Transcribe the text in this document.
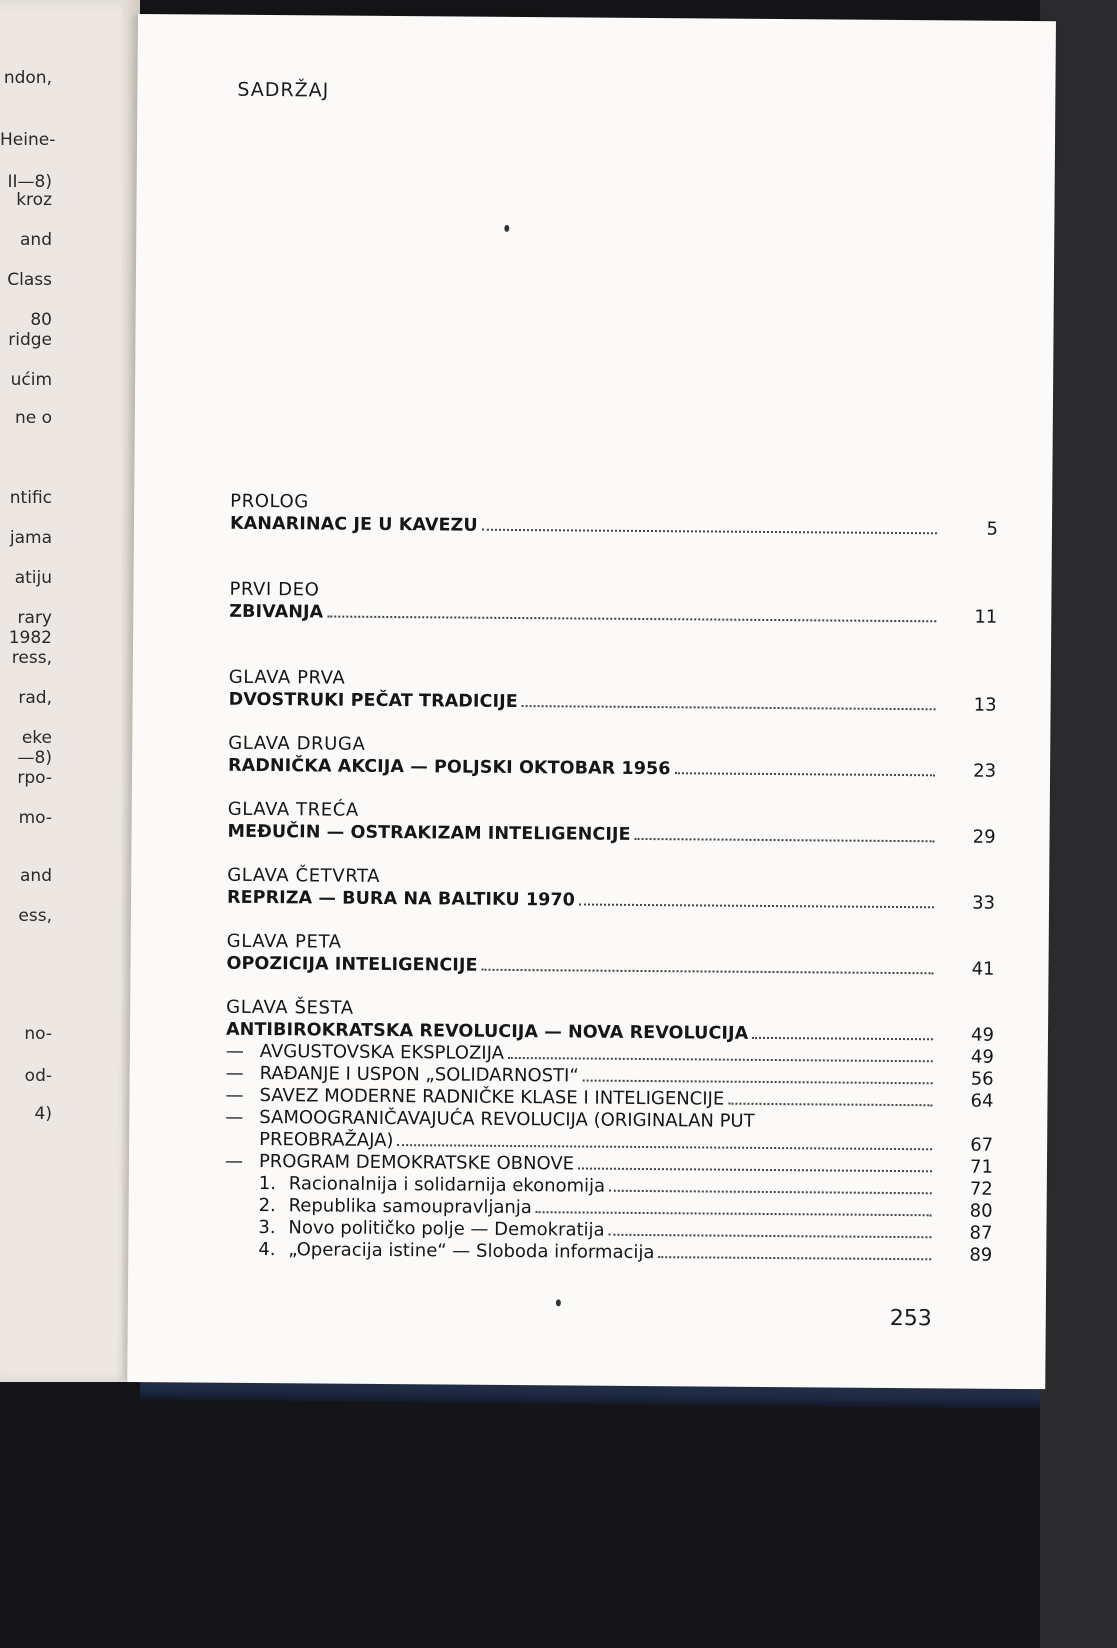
ndon,
Heine-
II—8)
kroz
and
Class
80
ridge
ućim
ne o
ntific
jama
atiju
rary
1982
ress,
rad,
eke
—8)
rpo-
mo-
and
ess,
no-
od-
4)
SADRŽAJ
PROLOG
KANARINAC JE U KAVEZU	5
PRVI DEO
ZBIVANJA	11
GLAVA PRVA
DVOSTRUKI PEČAT TRADICIJE	13
GLAVA DRUGA
RADNIČKA AKCIJA — POLJSKI OKTOBAR 1956	23
GLAVA TREĆA
MEĐUČIN — OSTRAKIZAM INTELIGENCIJE	29
GLAVA ČETVRTA
REPRIZA — BURA NA BALTIKU 1970	33
GLAVA PETA
OPOZICIJA INTELIGENCIJE	41
GLAVA ŠESTA
ANTIBIROKRATSKA REVOLUCIJA — NOVA REVOLUCIJA	49
— AVGUSTOVSKA EKSPLOZIJA	49
— RAĐANJE I USPON „SOLIDARNOSTI“	56
— SAVEZ MODERNE RADNIČKE KLASE I INTELIGENCIJE	64
— SAMOOGRANIČAVAJUĆA REVOLUCIJA (ORIGINALAN PUT
PREOBRAŽAJA)	67
— PROGRAM DEMOKRATSKE OBNOVE	71
1. Racionalnija i solidarnija ekonomija	72
2. Republika samoupravljanja	80
3. Novo političko polje — Demokratija	87
4. „Operacija istine“ — Sloboda informacija	89
253
